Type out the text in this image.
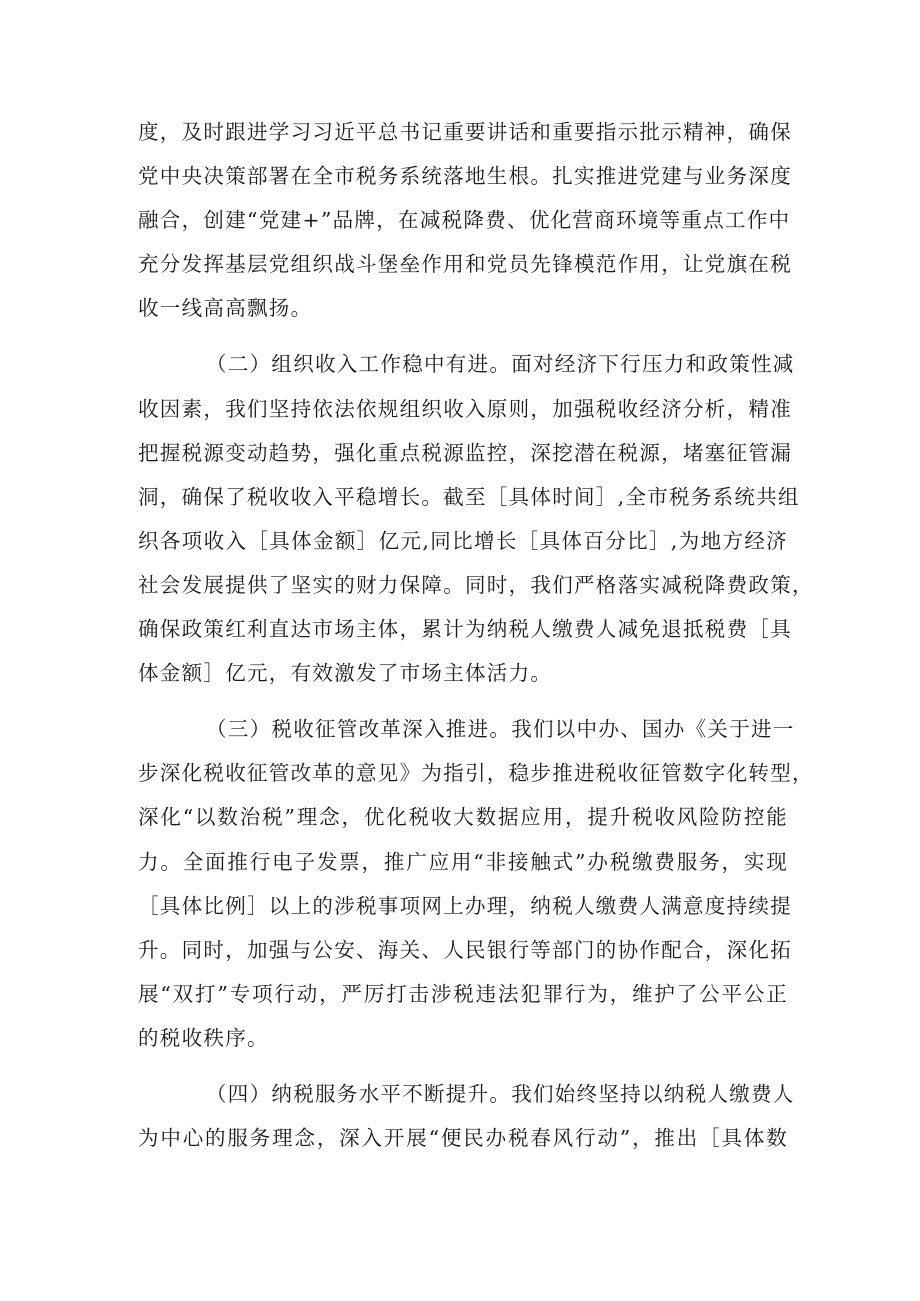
度，及时跟进学习习近平总书记重要讲话和重要指示批示精神，确保
党中央决策部署在全市税务系统落地生根。扎实推进党建与业务深度
融合，创建“党建+”品牌，在减税降费、优化营商环境等重点工作中
充分发挥基层党组织战斗堡垒作用和党员先锋模范作用，让党旗在税
收一线高高飘扬。
（二）组织收入工作稳中有进。面对经济下行压力和政策性减
收因素，我们坚持依法依规组织收入原则，加强税收经济分析，精准
把握税源变动趋势，强化重点税源监控，深挖潜在税源，堵塞征管漏
洞，确保了税收收入平稳增长。截至［具体时间］,全市税务系统共组
织各项收入［具体金额］亿元,同比增长［具体百分比］,为地方经济
社会发展提供了坚实的财力保障。同时，我们严格落实减税降费政策，
确保政策红利直达市场主体，累计为纳税人缴费人减免退抵税费［具
体金额］亿元，有效激发了市场主体活力。
（三）税收征管改革深入推进。我们以中办、国办《关于进一
步深化税收征管改革的意见》为指引，稳步推进税收征管数字化转型，
深化“以数治税”理念，优化税收大数据应用，提升税收风险防控能
力。全面推行电子发票，推广应用“非接触式”办税缴费服务，实现
［具体比例］以上的涉税事项网上办理，纳税人缴费人满意度持续提
升。同时，加强与公安、海关、人民银行等部门的协作配合，深化拓
展“双打”专项行动，严厉打击涉税违法犯罪行为，维护了公平公正
的税收秩序。
（四）纳税服务水平不断提升。我们始终坚持以纳税人缴费人
为中心的服务理念，深入开展“便民办税春风行动”，推出［具体数
